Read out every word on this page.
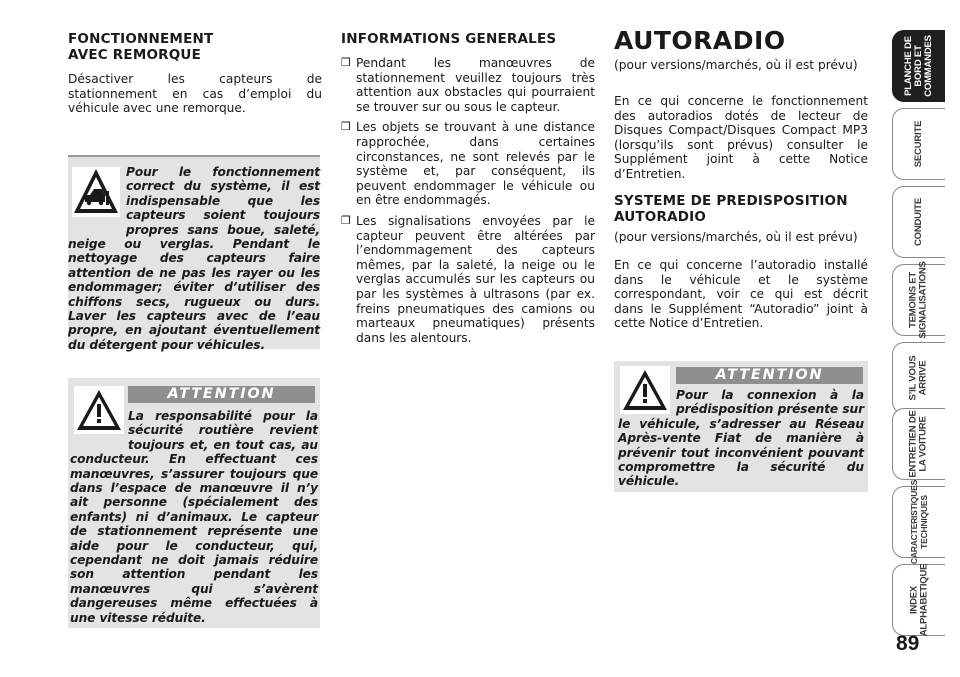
FONCTIONNEMENT
AVEC REMORQUE
Désactiver les capteurs de stationnement en cas d’emploi du véhicule avec une remorque.
Pour le fonctionnement correct du système, il est indispensable que les capteurs soient toujours propres sans boue, saleté, neige ou verglas. Pendant le nettoyage des capteurs faire attention de ne pas les rayer ou les endommager; éviter d’utiliser des chiffons secs, rugueux ou durs. Laver les capteurs avec de l’eau propre, en ajoutant éventuellement du détergent pour véhicules.
ATTENTION
La responsabilité pour la sécurité routière revient toujours et, en tout cas, au conducteur. En effectuant ces manœuvres, s’assurer toujours que dans l’espace de manœuvre il n’y ait personne (spécialement des enfants) ni d’animaux. Le capteur de stationnement représente une aide pour le conducteur, qui, cependant ne doit jamais réduire son attention pendant les manœuvres qui s’avèrent dangereuses même effectuées à une vitesse réduite.
INFORMATIONS GENERALES
❒ Pendant les manœuvres de stationnement veuillez toujours très attention aux obstacles qui pourraient se trouver sur ou sous le capteur.
❒ Les objets se trouvant à une distance rapprochée, dans certaines circonstances, ne sont relevés par le système et, par conséquent, ils peuvent endommager le véhicule ou en être endommagés.
❒ Les signalisations envoyées par le capteur peuvent être altérées par l’endommagement des capteurs mêmes, par la saleté, la neige ou le verglas accumulés sur les capteurs ou par les systèmes à ultrasons (par ex. freins pneumatiques des camions ou marteaux pneumatiques) présents dans les alentours.
AUTORADIO
(pour versions/marchés, où il est prévu)
En ce qui concerne le fonctionnement des autoradios dotés de lecteur de Disques Compact/Disques Compact MP3 (lorsqu’ils sont prévus) consulter le Supplément joint à cette Notice d’Entretien.
SYSTEME DE PREDISPOSITION
AUTORADIO
(pour versions/marchés, où il est prévu)
En ce qui concerne l’autoradio installé dans le véhicule et le système correspondant, voir ce qui est décrit dans le Supplément “Autoradio” joint à cette Notice d’Entretien.
ATTENTION
Pour la connexion à la prédisposition présente sur le véhicule, s’adresser au Réseau Après-vente Fiat de manière à prévenir tout inconvénient pouvant compromettre la sécurité du véhicule.
PLANCHE DE BORD ET COMMANDES
SECURITE
CONDUITE
TEMOINS ET SIGNALISATIONS
S’IL VOUS ARRIVE
ENTRETIEN DE LA VOITURE
CARACTERISTIQUES TECHNIQUES
INDEX ALPHABETIQUE
89
